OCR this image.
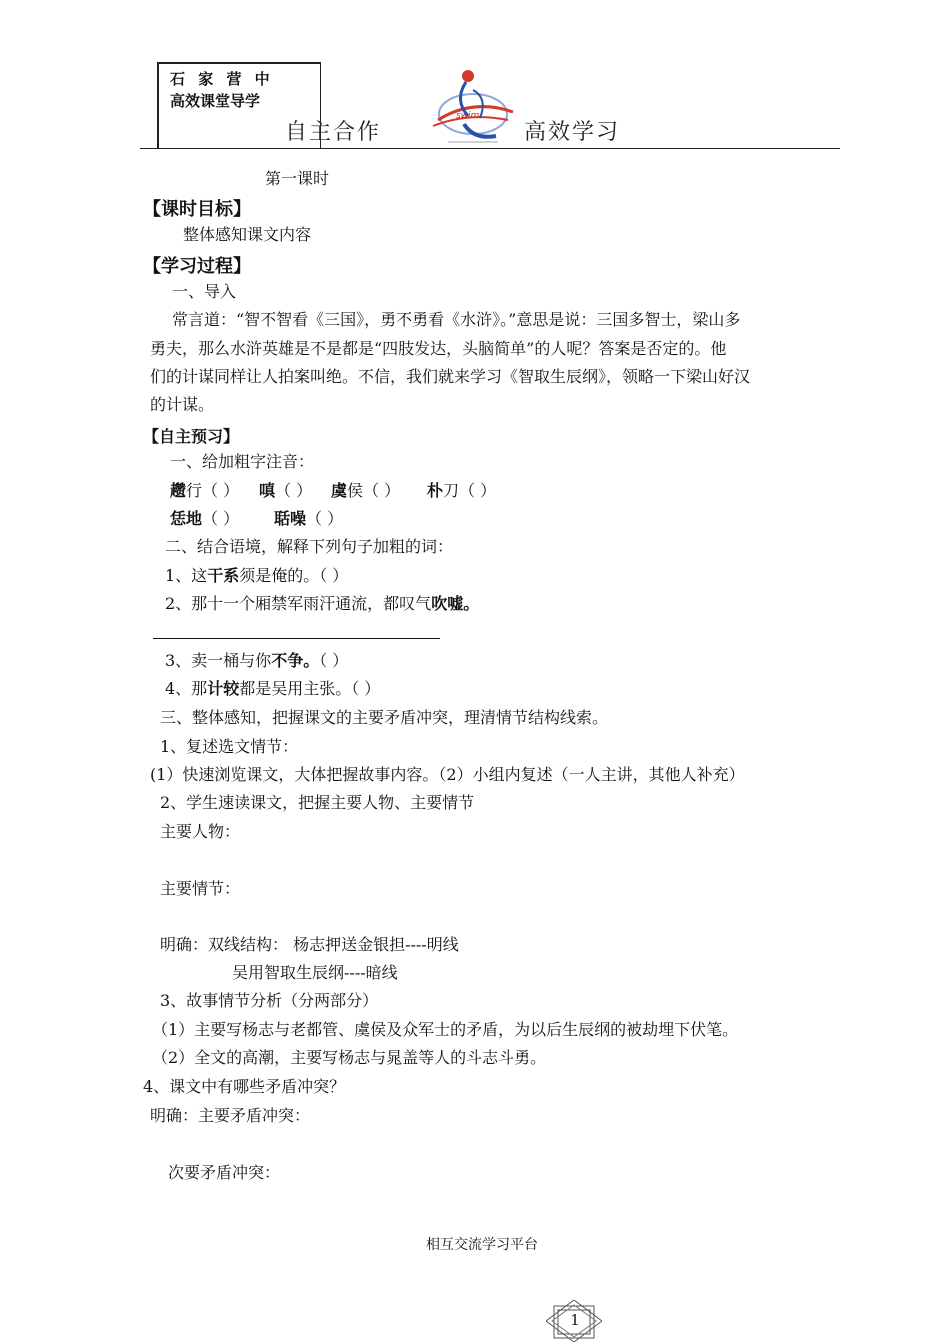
石 家 营 中
高效课堂导学
自主合作	高效学习
swim
第一课时
【课时目标】
整体感知课文内容
【学习过程】
一、导入
常言道：“智不智看《三国》，勇不勇看《水浒》。”意思是说：三国多智士，梁山多
勇夫，那么水浒英雄是不是都是“四肢发达，头脑简单”的人呢？答案是否定的。他
们的计谋同样让人拍案叫绝。不信，我们就来学习《智取生辰纲》，领略一下梁山好汉
的计谋。
【自主预习】
一、给加粗字注音：
趱行（ ） 嗔（ ） 虞侯（ ） 朴刀（ ）
恁地（ ） 聒噪（ ）
二、结合语境，解释下列句子加粗的词：
1、这干系须是俺的。（ ）
2、那十一个厢禁军雨汗通流，都叹气吹嘘。
3、卖一桶与你不争。（ ）
4、那计较都是吴用主张。（ ）
三、整体感知，把握课文的主要矛盾冲突，理清情节结构线索。
1、复述选文情节：
(1）快速浏览课文，大体把握故事内容。（2）小组内复述（一人主讲，其他人补充）
2、学生速读课文，把握主要人物、主要情节
主要人物：
主要情节：
明确：双线结构： 杨志押送金银担----明线
吴用智取生辰纲----暗线
3、故事情节分析（分两部分）
（1）主要写杨志与老都管、虞侯及众军士的矛盾，为以后生辰纲的被劫埋下伏笔。
（2）全文的高潮，主要写杨志与晁盖等人的斗志斗勇。
4、课文中有哪些矛盾冲突？
明确：主要矛盾冲突：
次要矛盾冲突：
相互交流学习平台
1
